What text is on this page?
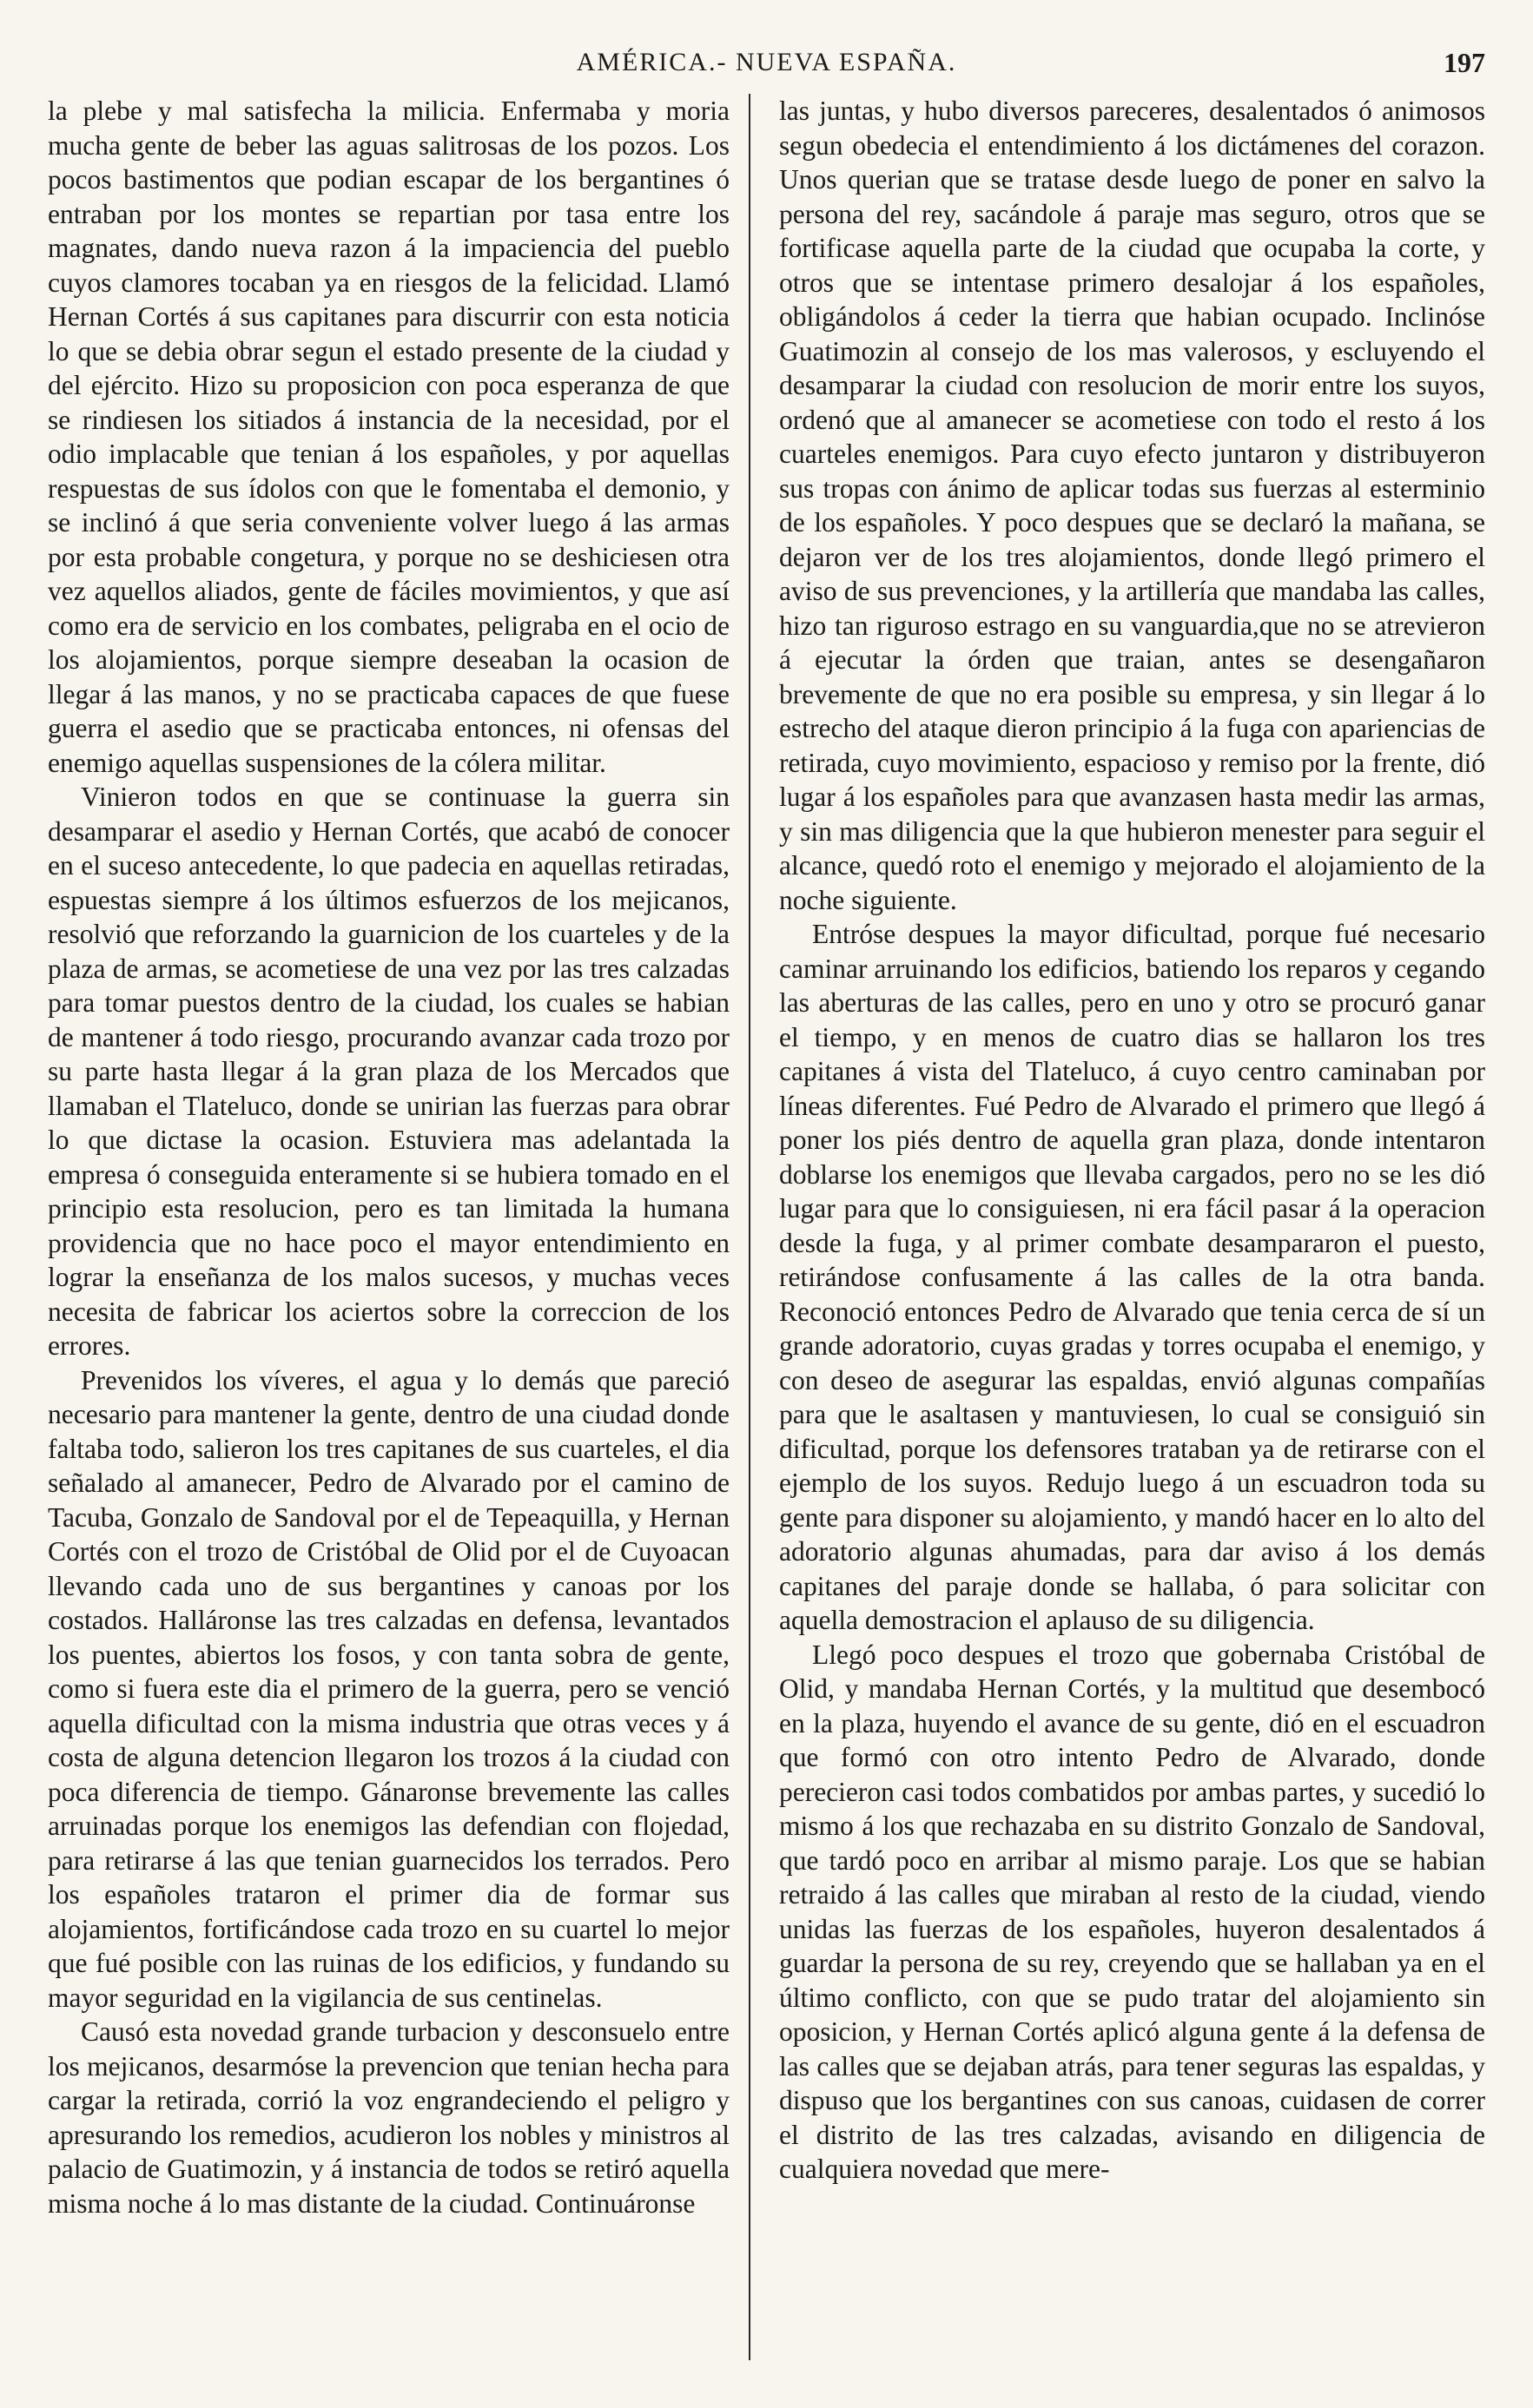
AMÉRICA.- NUEVA ESPAÑA.	197

la plebe y mal satisfecha la milicia. Enfermaba y moria mucha gente de beber las aguas salitrosas de los pozos. Los pocos bastimentos que podian escapar de los bergantines ó entraban por los montes se repartian por tasa entre los magnates, dando nueva razon á la impaciencia del pueblo cuyos clamores tocaban ya en riesgos de la felicidad. Llamó Hernan Cortés á sus capitanes para discurrir con esta noticia lo que se debia obrar segun el estado presente de la ciudad y del ejército. Hizo su proposicion con poca esperanza de que se rindiesen los sitiados á instancia de la necesidad, por el odio implacable que tenian á los españoles, y por aquellas respuestas de sus ídolos con que le fomentaba el demonio, y se inclinó á que seria conveniente volver luego á las armas por esta probable congetura, y porque no se deshiciesen otra vez aquellos aliados, gente de fáciles movimientos, y que así como era de servicio en los combates, peligraba en el ocio de los alojamientos, porque siempre deseaban la ocasion de llegar á las manos, y no se practicaba capaces de que fuese guerra el asedio que se practicaba entonces, ni ofensas del enemigo aquellas suspensiones de la cólera militar.

Vinieron todos en que se continuase la guerra sin desamparar el asedio y Hernan Cortés, que acabó de conocer en el suceso antecedente, lo que padecia en aquellas retiradas, espuestas siempre á los últimos esfuerzos de los mejicanos, resolvió que reforzando la guarnicion de los cuarteles y de la plaza de armas, se acometiese de una vez por las tres calzadas para tomar puestos dentro de la ciudad, los cuales se habian de mantener á todo riesgo, procurando avanzar cada trozo por su parte hasta llegar á la gran plaza de los Mercados que llamaban el Tlateluco, donde se unirian las fuerzas para obrar lo que dictase la ocasion. Estuviera mas adelantada la empresa ó conseguida enteramente si se hubiera tomado en el principio esta resolucion, pero es tan limitada la humana providencia que no hace poco el mayor entendimiento en lograr la enseñanza de los malos sucesos, y muchas veces necesita de fabricar los aciertos sobre la correccion de los errores.

Prevenidos los víveres, el agua y lo demás que pareció necesario para mantener la gente, dentro de una ciudad donde faltaba todo, salieron los tres capitanes de sus cuarteles, el dia señalado al amanecer, Pedro de Alvarado por el camino de Tacuba, Gonzalo de Sandoval por el de Tepeaquilla, y Hernan Cortés con el trozo de Cristóbal de Olid por el de Cuyoacan llevando cada uno de sus bergantines y canoas por los costados. Halláronse las tres calzadas en defensa, levantados los puentes, abiertos los fosos, y con tanta sobra de gente, como si fuera este dia el primero de la guerra, pero se venció aquella dificultad con la misma industria que otras veces y á costa de alguna detencion llegaron los trozos á la ciudad con poca diferencia de tiempo. Gánaronse brevemente las calles arruinadas porque los enemigos las defendian con flojedad, para retirarse á las que tenian guarnecidos los terrados. Pero los españoles trataron el primer dia de formar sus alojamientos, fortificándose cada trozo en su cuartel lo mejor que fué posible con las ruinas de los edificios, y fundando su mayor seguridad en la vigilancia de sus centinelas.

Causó esta novedad grande turbacion y desconsuelo entre los mejicanos, desarmóse la prevencion que tenian hecha para cargar la retirada, corrió la voz engrandeciendo el peligro y apresurando los remedios, acudieron los nobles y ministros al palacio de Guatimozin, y á instancia de todos se retiró aquella misma noche á lo mas distante de la ciudad. Continuáronse

las juntas, y hubo diversos pareceres, desalentados ó animosos segun obedecia el entendimiento á los dictámenes del corazon. Unos querian que se tratase desde luego de poner en salvo la persona del rey, sacándole á paraje mas seguro, otros que se fortificase aquella parte de la ciudad que ocupaba la corte, y otros que se intentase primero desalojar á los españoles, obligándolos á ceder la tierra que habian ocupado. Inclinóse Guatimozin al consejo de los mas valerosos, y escluyendo el desamparar la ciudad con resolucion de morir entre los suyos, ordenó que al amanecer se acometiese con todo el resto á los cuarteles enemigos. Para cuyo efecto juntaron y distribuyeron sus tropas con ánimo de aplicar todas sus fuerzas al esterminio de los españoles. Y poco despues que se declaró la mañana, se dejaron ver de los tres alojamientos, donde llegó primero el aviso de sus prevenciones, y la artillería que mandaba las calles, hizo tan riguroso estrago en su vanguardia,que no se atrevieron á ejecutar la órden que traian, antes se desengañaron brevemente de que no era posible su empresa, y sin llegar á lo estrecho del ataque dieron principio á la fuga con apariencias de retirada, cuyo movimiento, espacioso y remiso por la frente, dió lugar á los españoles para que avanzasen hasta medir las armas, y sin mas diligencia que la que hubieron menester para seguir el alcance, quedó roto el enemigo y mejorado el alojamiento de la noche siguiente.

Entróse despues la mayor dificultad, porque fué necesario caminar arruinando los edificios, batiendo los reparos y cegando las aberturas de las calles, pero en uno y otro se procuró ganar el tiempo, y en menos de cuatro dias se hallaron los tres capitanes á vista del Tlateluco, á cuyo centro caminaban por líneas diferentes. Fué Pedro de Alvarado el primero que llegó á poner los piés dentro de aquella gran plaza, donde intentaron doblarse los enemigos que llevaba cargados, pero no se les dió lugar para que lo consiguiesen, ni era fácil pasar á la operacion desde la fuga, y al primer combate desampararon el puesto, retirándose confusamente á las calles de la otra banda. Reconoció entonces Pedro de Alvarado que tenia cerca de sí un grande adoratorio, cuyas gradas y torres ocupaba el enemigo, y con deseo de asegurar las espaldas, envió algunas compañías para que le asaltasen y mantuviesen, lo cual se consiguió sin dificultad, porque los defensores trataban ya de retirarse con el ejemplo de los suyos. Redujo luego á un escuadron toda su gente para disponer su alojamiento, y mandó hacer en lo alto del adoratorio algunas ahumadas, para dar aviso á los demás capitanes del paraje donde se hallaba, ó para solicitar con aquella demostracion el aplauso de su diligencia.

Llegó poco despues el trozo que gobernaba Cristóbal de Olid, y mandaba Hernan Cortés, y la multitud que desembocó en la plaza, huyendo el avance de su gente, dió en el escuadron que formó con otro intento Pedro de Alvarado, donde perecieron casi todos combatidos por ambas partes, y sucedió lo mismo á los que rechazaba en su distrito Gonzalo de Sandoval, que tardó poco en arribar al mismo paraje. Los que se habian retraido á las calles que miraban al resto de la ciudad, viendo unidas las fuerzas de los españoles, huyeron desalentados á guardar la persona de su rey, creyendo que se hallaban ya en el último conflicto, con que se pudo tratar del alojamiento sin oposicion, y Hernan Cortés aplicó alguna gente á la defensa de las calles que se dejaban atrás, para tener seguras las espaldas, y dispuso que los bergantines con sus canoas, cuidasen de correr el distrito de las tres calzadas, avisando en diligencia de cualquiera novedad que mere-
